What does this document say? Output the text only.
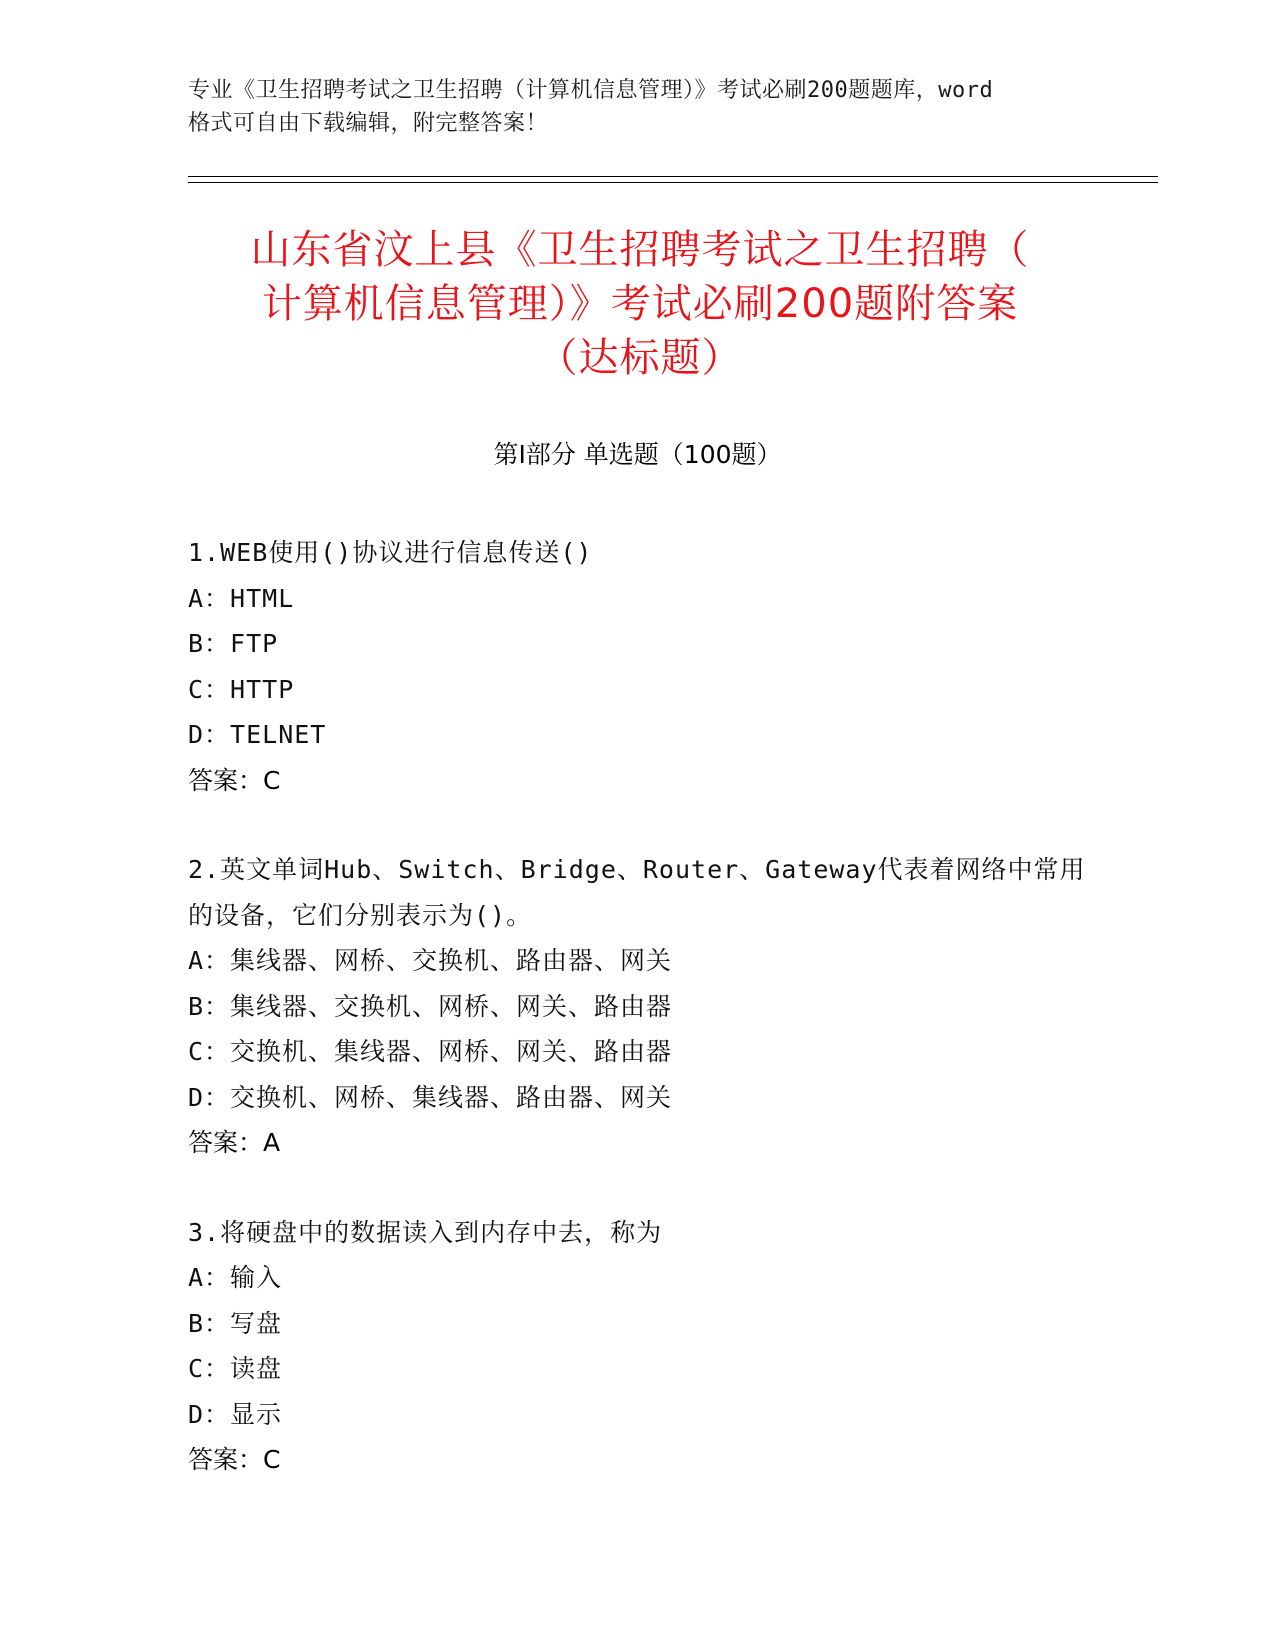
专业《卫生招聘考试之卫生招聘（计算机信息管理）》考试必刷200题题库，word
格式可自由下载编辑，附完整答案！
山东省汶上县《卫生招聘考试之卫生招聘（
计算机信息管理）》考试必刷200题附答案
（达标题）
第Ⅰ部分 单选题（100题）
1.WEB使用()协议进行信息传送()
A：HTML
B：FTP
C：HTTP
D：TELNET
答案：C
2.英文单词Hub、Switch、Bridge、Router、Gateway代表着网络中常用的设备，它们分别表示为()。
A：集线器、网桥、交换机、路由器、网关
B：集线器、交换机、网桥、网关、路由器
C：交换机、集线器、网桥、网关、路由器
D：交换机、网桥、集线器、路由器、网关
答案：A
3.将硬盘中的数据读入到内存中去，称为
A：输入
B：写盘
C：读盘
D：显示
答案：C
